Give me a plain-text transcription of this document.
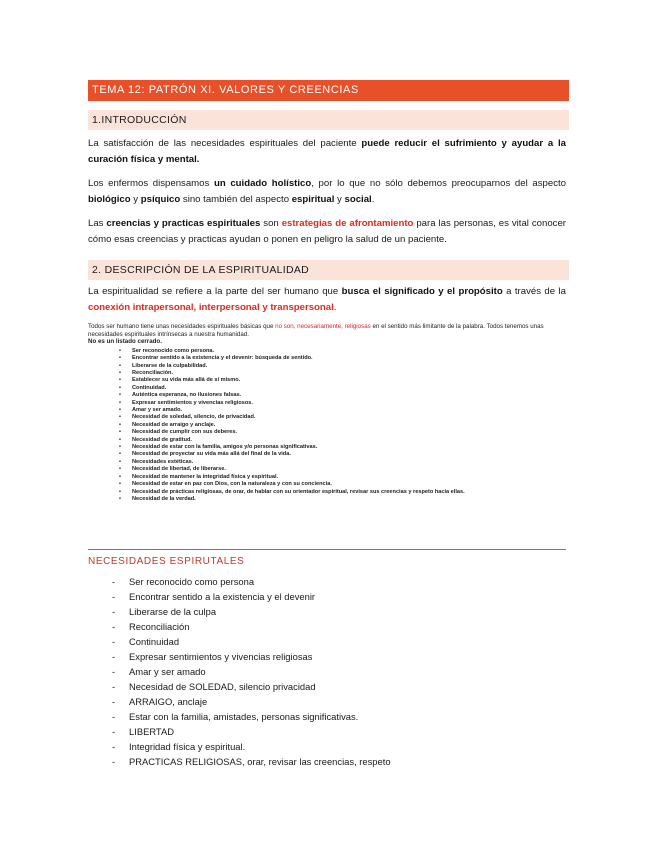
TEMA 12: PATRÓN XI. VALORES Y CREENCIAS
1.INTRODUCCIÓN
La satisfacción de las necesidades espirituales del paciente puede reducir el sufrimiento y ayudar a la curación física y mental.
Los enfermos dispensamos un cuidado holístico, por lo que no sólo debemos preocuparnos del aspecto biológico y psíquico sino también del aspecto espiritual y social.
Las creencias y practicas espirituales son estrategias de afrontamiento para las personas, es vital conocer cómo esas creencias y practicas ayudan o ponen en peligro la salud de un paciente.
2. DESCRIPCIÓN DE LA ESPIRITUALIDAD
La espiritualidad se refiere a la parte del ser humano que busca el significado y el propósito a través de la conexión intrapersonal, interpersonal y transpersonal.
Todos ser humano tiene unas necesidades espirituales básicas que no son, necesariamente, religiosas en el sentido más limitante de la palabra. Todos tenemos unas necesidades espirituales intrínsecas a nuestra humanidad.
No es un listado cerrado.
• Ser reconocido como persona.
• Encontrar sentido a la existencia y el devenir: búsqueda de sentido.
• Liberarse de la culpabilidad.
• Reconciliación.
• Establecer su vida más allá de sí mismo.
• Continuidad.
• Auténtica esperanza, no ilusiones falsas.
• Expresar sentimientos y vivencias religiosos.
• Amar y ser amado.
• Necesidad de soledad, silencio, de privacidad.
• Necesidad de arraigo y anclaje.
• Necesidad de cumplir con sus deberes.
• Necesidad de gratitud.
• Necesidad de estar con la familia, amigos y/o personas significativas.
• Necesidad de proyectar su vida más allá del final de la vida.
• Necesidades estéticas.
• Necesidad de libertad, de liberarse.
• Necesidad de mantener la integridad física y espiritual.
• Necesidad de estar en paz con Dios, con la naturaleza y con su conciencia.
• Necesidad de prácticas religiosas, de orar, de hablar con su orientador espiritual, revisar sus creencias y respeto hacia ellas.
• Necesidad de la verdad.
NECESIDADES ESPIRUTALES
- Ser reconocido como persona
- Encontrar sentido a la existencia y el devenir
- Liberarse de la culpa
- Reconciliación
- Continuidad
- Expresar sentimientos y vivencias religiosas
- Amar y ser amado
- Necesidad de SOLEDAD, silencio privacidad
- ARRAIGO, anclaje
- Estar con la familia, amistades, personas significativas.
- LIBERTAD
- Integridad física y espiritual.
- PRACTICAS RELIGIOSAS, orar, revisar las creencias, respeto
